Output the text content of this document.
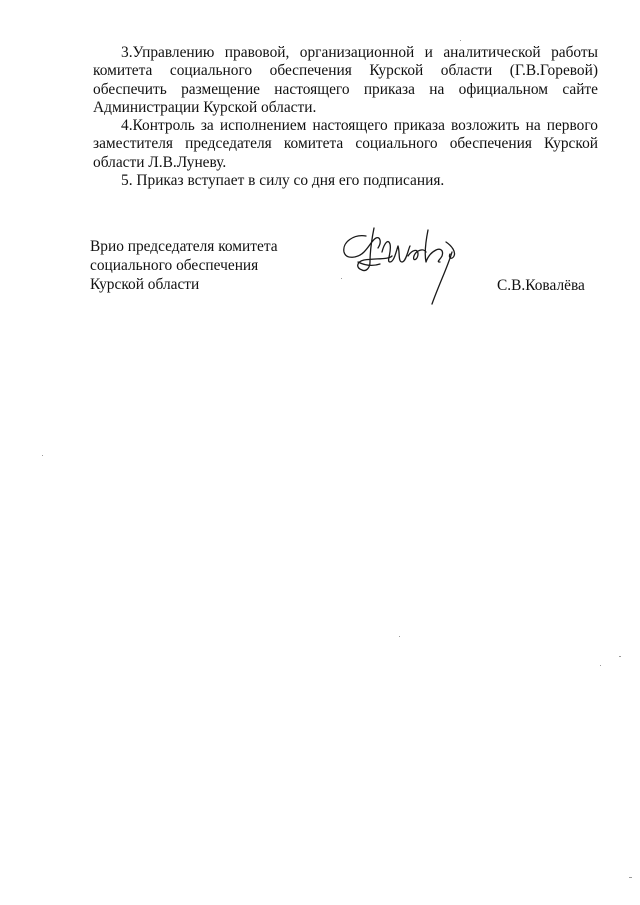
3.Управлению правовой, организационной и аналитической работы комитета социального обеспечения Курской области (Г.В.Горевой) обеспечить размещение настоящего приказа на официальном сайте Администрации Курской области.

4.Контроль за исполнением настоящего приказа возложить на первого заместителя председателя комитета социального обеспечения Курской области Л.В.Луневу.

5. Приказ вступает в силу со дня его подписания.

Врио председателя комитета
социального обеспечения
Курской области	С.В.Ковалёва
